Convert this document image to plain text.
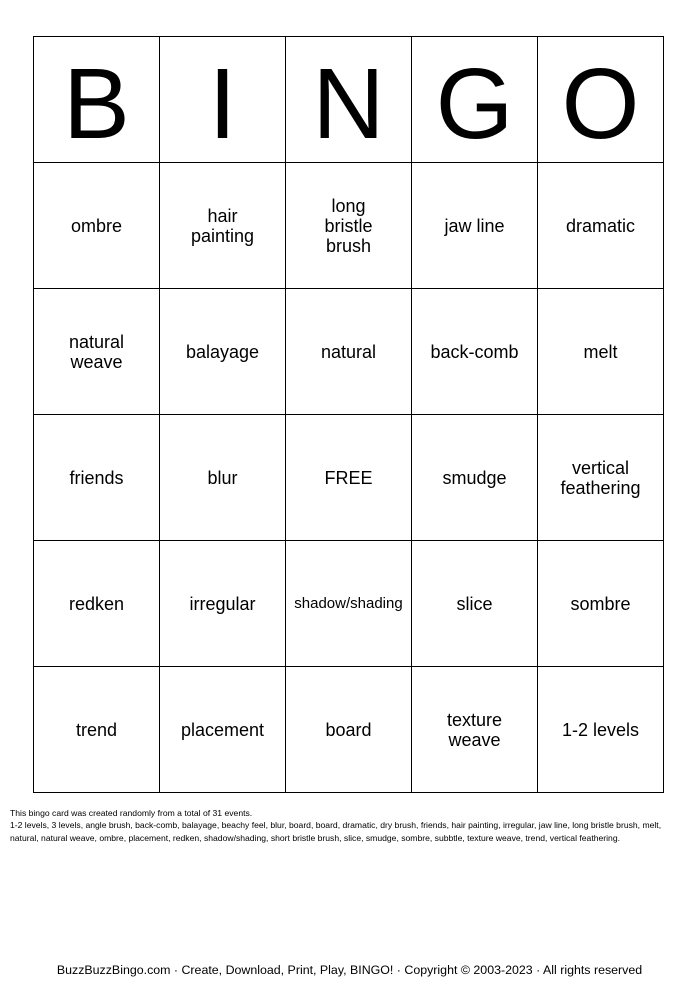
B	I	N	G	O
ombre	hair painting	long bristle brush	jaw line	dramatic
natural weave	balayage	natural	back-comb	melt
friends	blur	FREE	smudge	vertical feathering
redken	irregular	shadow/shading	slice	sombre
trend	placement	board	texture weave	1-2 levels

This bingo card was created randomly from a total of 31 events.

1-2 levels, 3 levels, angle brush, back-comb, balayage, beachy feel, blur, board, board, dramatic, dry brush, friends, hair painting, irregular, jaw line, long bristle brush, melt, natural, natural weave, ombre, placement, redken, shadow/shading, short bristle brush, slice, smudge, sombre, subbtle, texture weave, trend, vertical feathering.

BuzzBuzzBingo.com · Create, Download, Print, Play, BINGO! · Copyright © 2003-2023 · All rights reserved
